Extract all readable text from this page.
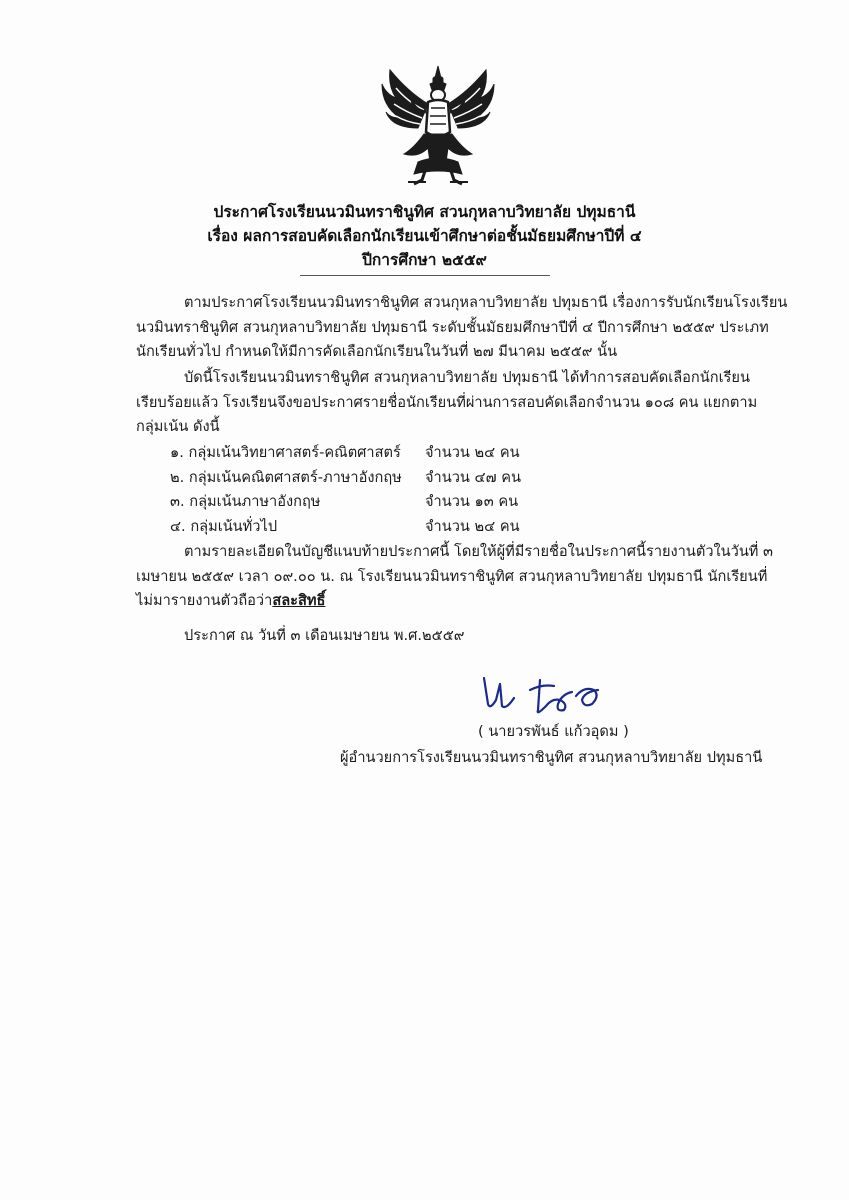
ประกาศโรงเรียนนวมินทราชินูทิศ สวนกุหลาบวิทยาลัย ปทุมธานี
เรื่อง ผลการสอบคัดเลือกนักเรียนเข้าศึกษาต่อชั้นมัธยมศึกษาปีที่ ๔
ปีการศึกษา ๒๕๕๙
ตามประกาศโรงเรียนนวมินทราชินูทิศ สวนกุหลาบวิทยาลัย ปทุมธานี เรื่องการรับนักเรียนโรงเรียน
นวมินทราชินูทิศ สวนกุหลาบวิทยาลัย ปทุมธานี ระดับชั้นมัธยมศึกษาปีที่ ๔ ปีการศึกษา ๒๕๕๙ ประเภท
นักเรียนทั่วไป กำหนดให้มีการคัดเลือกนักเรียนในวันที่ ๒๗ มีนาคม ๒๕๕๙ นั้น
บัดนี้โรงเรียนนวมินทราชินูทิศ สวนกุหลาบวิทยาลัย ปทุมธานี ได้ทำการสอบคัดเลือกนักเรียน
เรียบร้อยแล้ว โรงเรียนจึงขอประกาศรายชื่อนักเรียนที่ผ่านการสอบคัดเลือกจำนวน ๑๐๘ คน แยกตาม
กลุ่มเน้น ดังนี้
๑. กลุ่มเน้นวิทยาศาสตร์-คณิตศาสตร์ จำนวน ๒๔ คน
๒. กลุ่มเน้นคณิตศาสตร์-ภาษาอังกฤษ จำนวน ๔๗ คน
๓. กลุ่มเน้นภาษาอังกฤษ	จำนวน ๑๓ คน
๔. กลุ่มเน้นทั่วไป	จำนวน ๒๔ คน
ตามรายละเอียดในบัญชีแนบท้ายประกาศนี้ โดยให้ผู้ที่มีรายชื่อในประกาศนี้รายงานตัวในวันที่ ๓
เมษายน ๒๕๕๙ เวลา ๐๙.๐๐ น. ณ โรงเรียนนวมินทราชินูทิศ สวนกุหลาบวิทยาลัย ปทุมธานี นักเรียนที่
ไม่มารายงานตัวถือว่าสละสิทธิ์
ประกาศ ณ วันที่ ๓ เดือนเมษายน พ.ศ.๒๕๕๙
( นายวรพันธ์ แก้วอุดม )
ผู้อำนวยการโรงเรียนนวมินทราชินูทิศ สวนกุหลาบวิทยาลัย ปทุมธานี
